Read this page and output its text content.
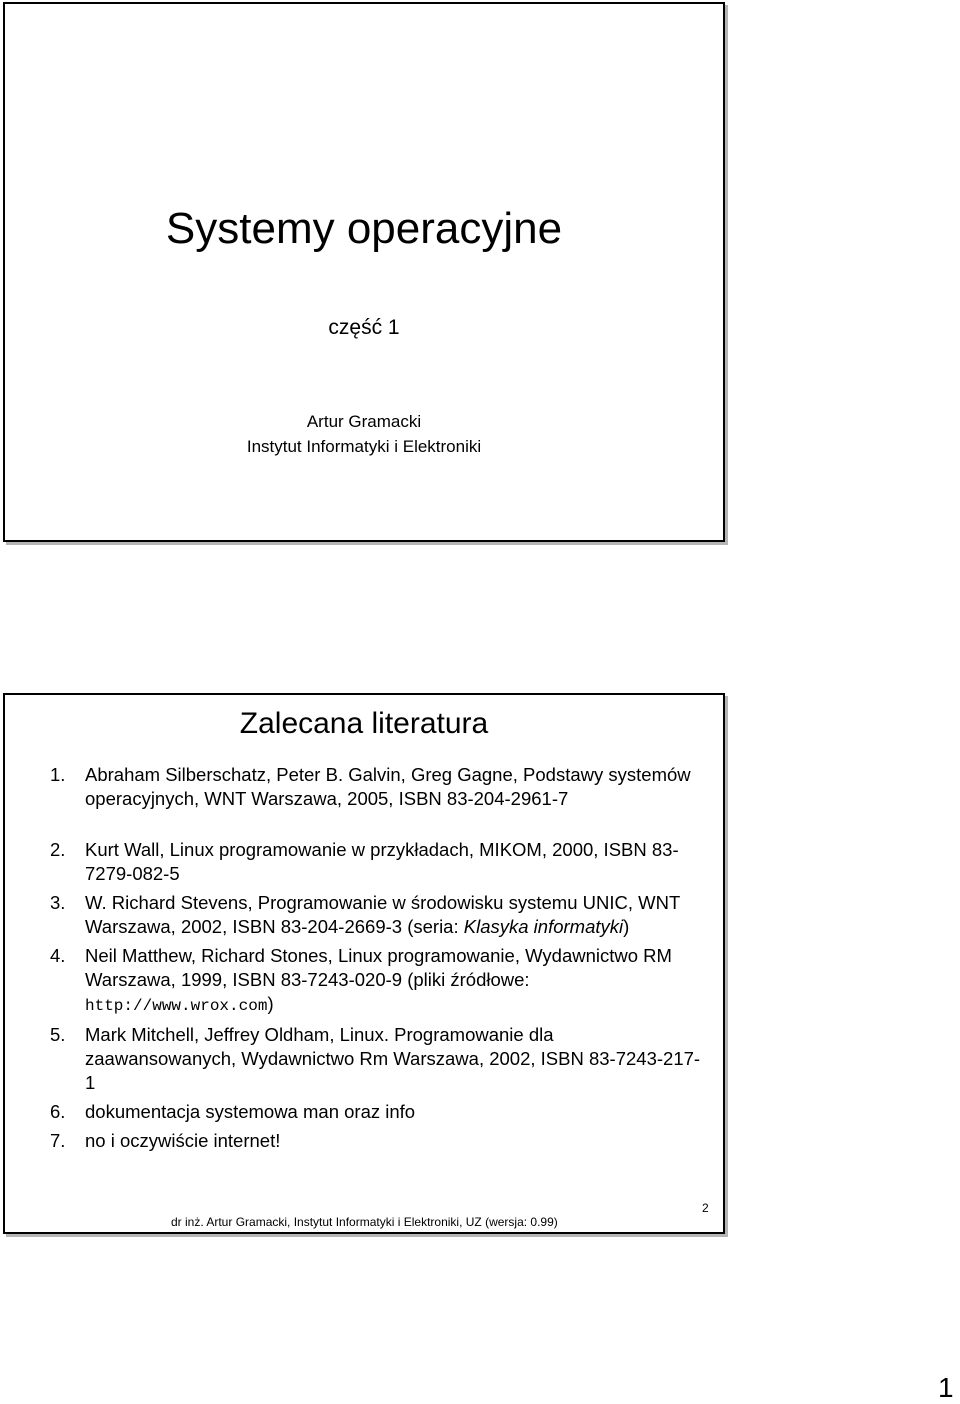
Systemy operacyjne
część 1
Artur Gramacki
Instytut Informatyki i Elektroniki
Zalecana literatura
1. Abraham Silberschatz, Peter B. Galvin, Greg Gagne, Podstawy systemów operacyjnych, WNT Warszawa, 2005, ISBN 83-204-2961-7
2. Kurt Wall, Linux programowanie w przykładach, MIKOM, 2000, ISBN 83-7279-082-5
3. W. Richard Stevens, Programowanie w środowisku systemu UNIC, WNT Warszawa, 2002, ISBN 83-204-2669-3 (seria: Klasyka informatyki)
4. Neil Matthew, Richard Stones, Linux programowanie, Wydawnictwo RM Warszawa, 1999, ISBN 83-7243-020-9 (pliki źródłowe: http://www.wrox.com)
5. Mark Mitchell, Jeffrey Oldham, Linux. Programowanie dla zaawansowanych, Wydawnictwo Rm Warszawa, 2002, ISBN 83-7243-217-1
6. dokumentacja systemowa man oraz info
7. no i oczywiście internet!
dr inż. Artur Gramacki, Instytut Informatyki i Elektroniki, UZ (wersja: 0.99)
2
1
